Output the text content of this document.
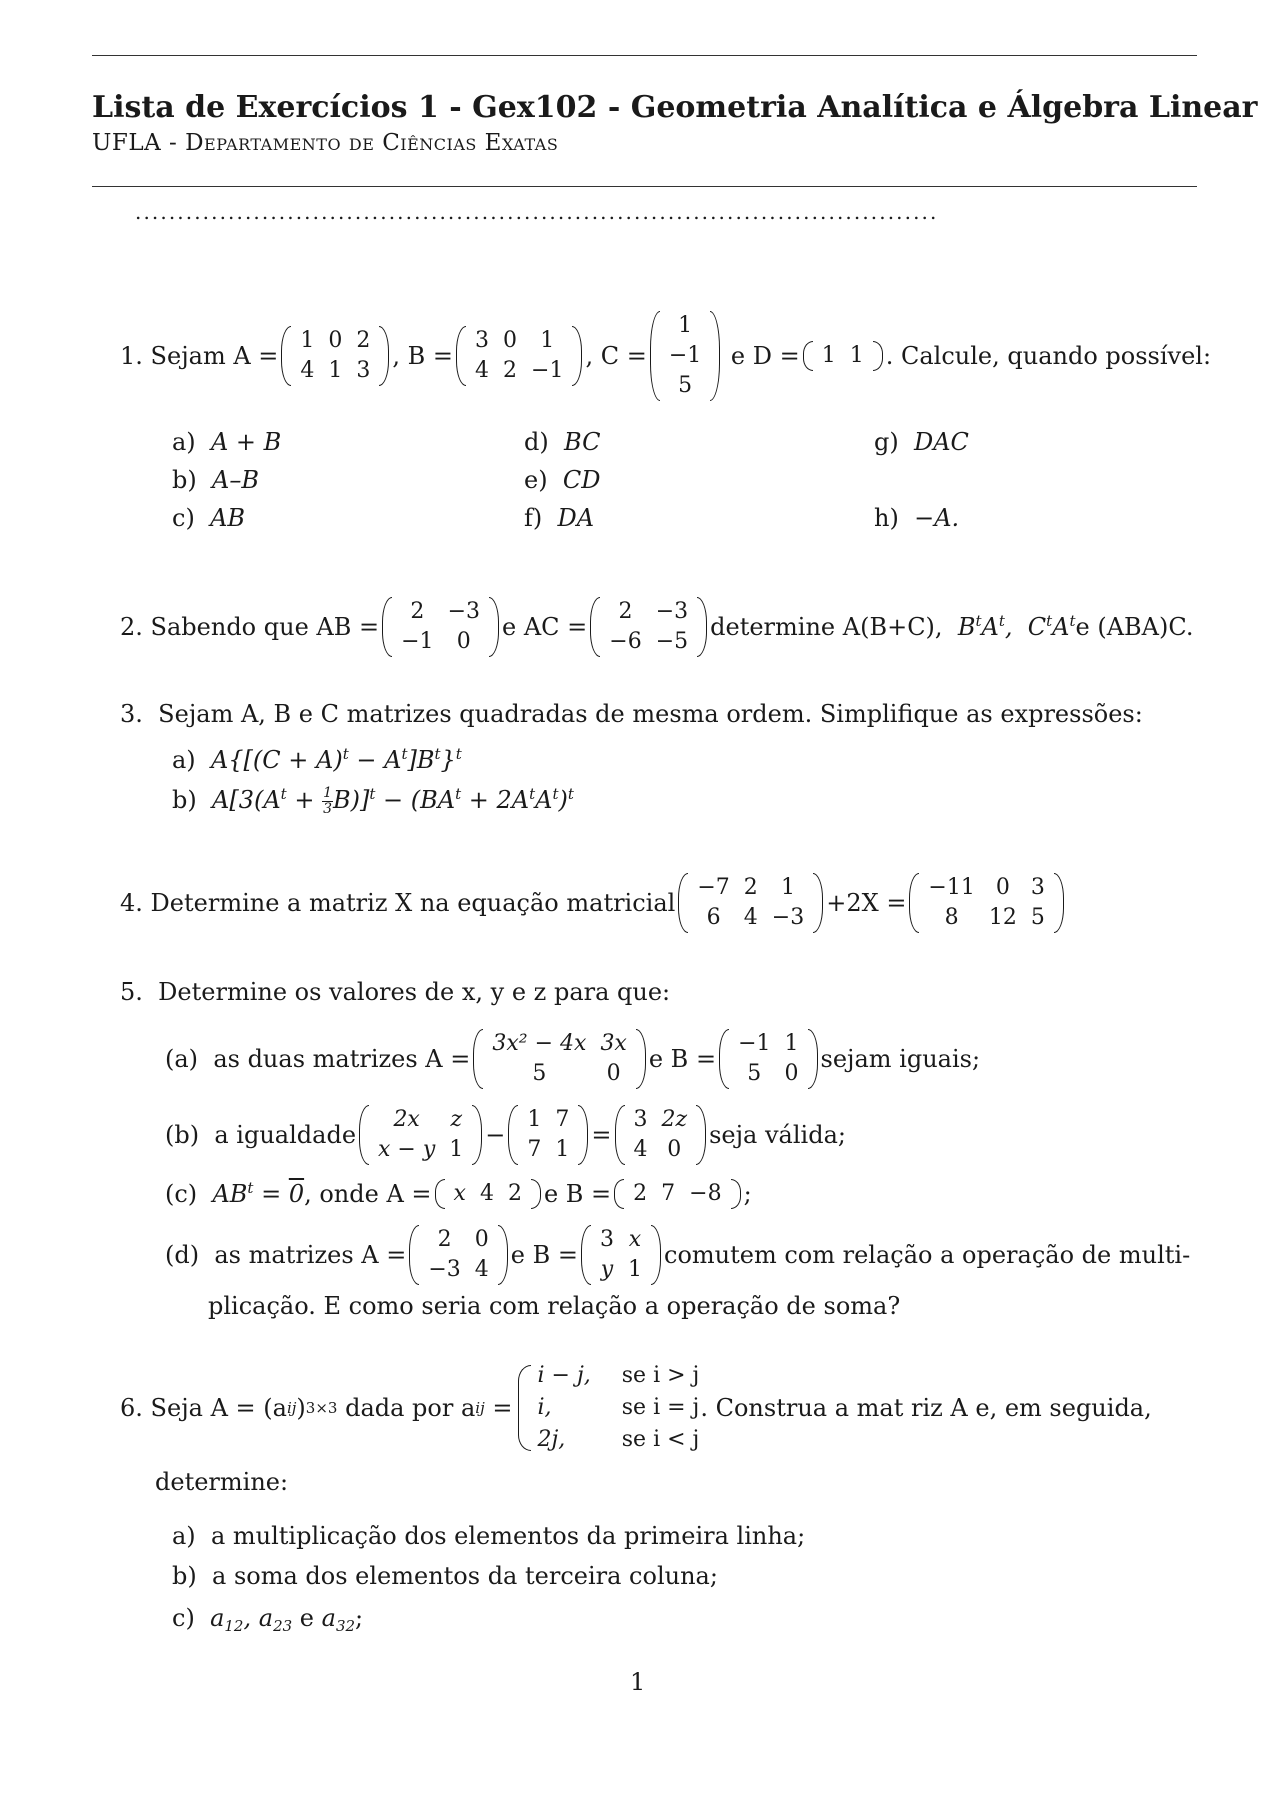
Lista de Exercícios 1 - Gex102 - Geometria Analítica e Álgebra Linear
UFLA - Departamento de Ciências Exatas
...............................................................................................
1.
Sejam A =
1	0	2
4	1	3
, B =
3	0	1
4	2	−1
, C =
1
−1
5

e D = 1	1 . Calcule, quando possível:
a)  A + B
b)  A–B
c)  AB
d)  BC
e)  CD
f)  DA
g)  DAC
h)  −A.
2.
Sabendo que AB =
2	−3
−1	0
e AC =
2	−3
−6	−5
determine A(B+C),
$B^tA^t$,  $C^tA^t$ e (ABA)C.
3. Sejam A, B e C matrizes quadradas de mesma ordem. Simplifique as expressões:
a) $A\{[(C + A)^t - A^t]B^t\}^t$
b) $A[3(A^t + \frac{1}{3} B)]^t - (BA^t + 2A^tA^t)^t$
4.
Determine a matriz X na equação matricial
−7	2	1
6	4	−3
+2X =
−11	0	3
8	12	5
5. Determine os valores de x, y e z para que:
(a)
as duas matrizes A =
3x² − 4x	3x
5	0
e B =
−1	1
5	0
sejam iguais;
(b)
a igualdade
2x	z
x − y	1
−
1	7
7	1
=
3	2z
4	0
seja válida;
(c)
$AB^t = 0$ , onde A = x	4	2 e B = 2	7	−8 ;
(d)
as matrizes A =
2	0
−3	4
e B =
3	x
y	1
comutem com relação a operação de multi-
plicação. E como seria com relação a operação de soma?
6.
Seja A = (a ij ) 3×3
dada por a ij =
i − j,	se i > j
i,	se i = j
2j,	se i < j
. Construa a mat riz A e, em seguida,
determine:
a) a multiplicação dos elementos da primeira linha;
b) a soma dos elementos da terceira coluna;
c) $a_{12}$, $a_{23}$ e $a_{32}$;
1
